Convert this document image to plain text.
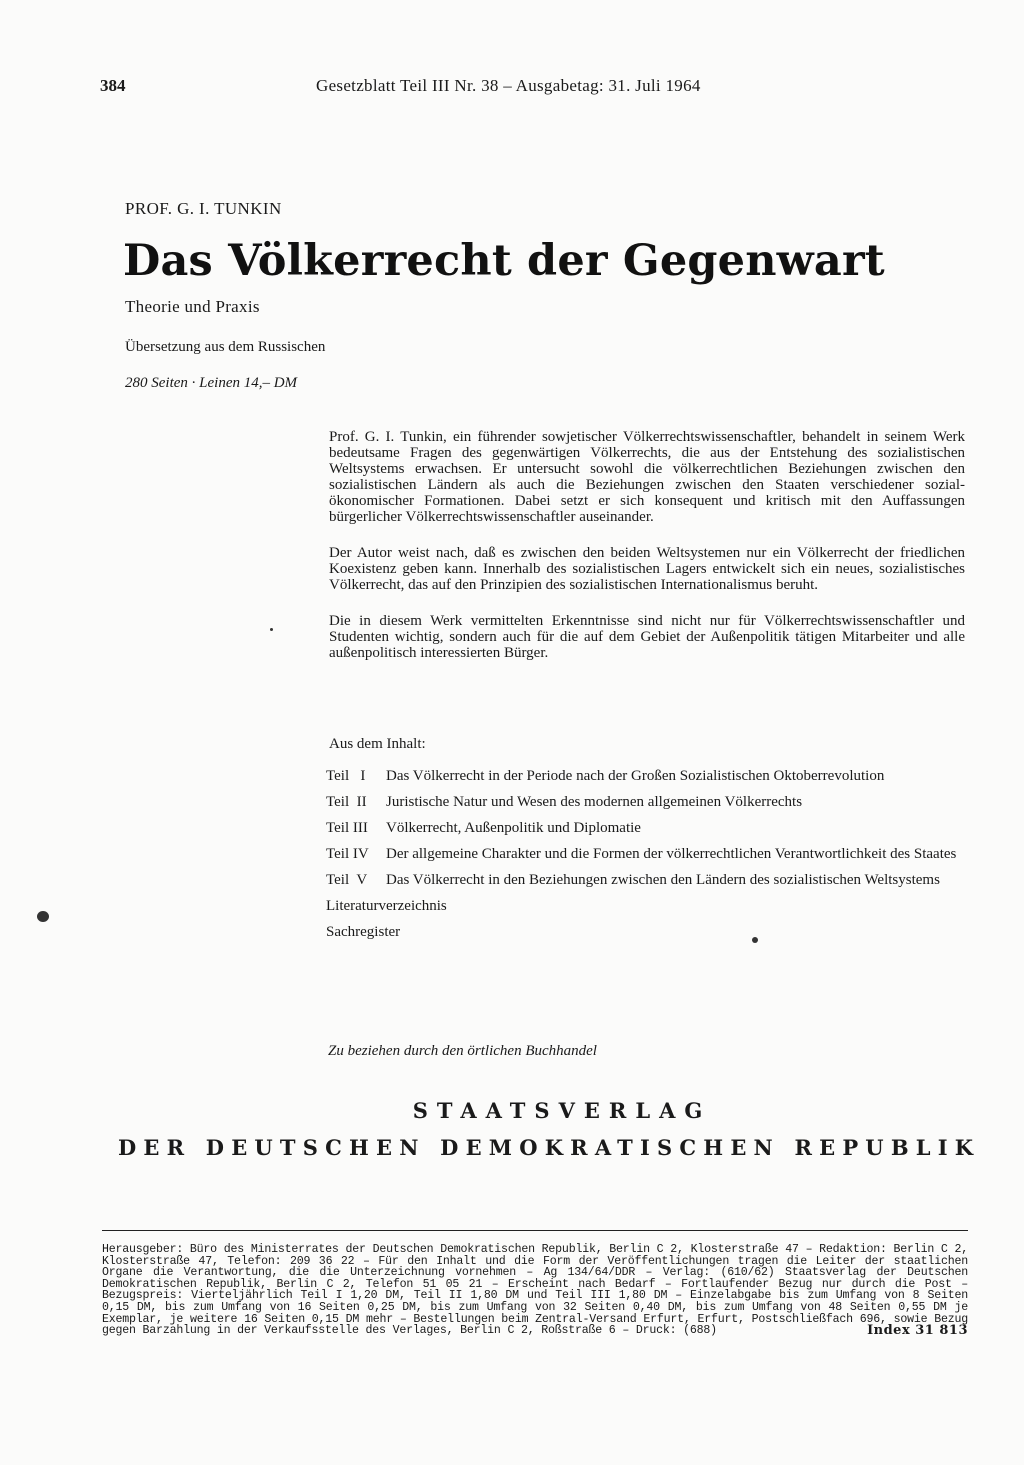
384	Gesetzblatt Teil III Nr. 38 – Ausgabetag: 31. Juli 1964
PROF. G. I. TUNKIN
Das Völkerrecht der Gegenwart
Theorie und Praxis
Übersetzung aus dem Russischen
280 Seiten · Leinen 14,– DM

Prof. G. I. Tunkin, ein führender sowjetischer Völkerrechtswissenschaftler, behandelt in seinem Werk bedeutsame Fragen des gegenwärtigen Völkerrechts, die aus der Entstehung des sozialistischen Weltsystems erwachsen. Er untersucht sowohl die völkerrechtlichen Beziehungen zwischen den sozialistischen Ländern als auch die Beziehungen zwischen den Staaten verschiedener sozial-ökonomischer Formationen. Dabei setzt er sich konsequent und kritisch mit den Auffassungen bürgerlicher Völkerrechtswissenschaftler auseinander.

Der Autor weist nach, daß es zwischen den beiden Weltsystemen nur ein Völkerrecht der friedlichen Koexistenz geben kann. Innerhalb des sozialistischen Lagers entwickelt sich ein neues, sozialistisches Völkerrecht, das auf den Prinzipien des sozialistischen Internationalismus beruht.

Die in diesem Werk vermittelten Erkenntnisse sind nicht nur für Völkerrechtswissenschaftler und Studenten wichtig, sondern auch für die auf dem Gebiet der Außenpolitik tätigen Mitarbeiter und alle außenpolitisch interessierten Bürger.

Aus dem Inhalt:
Teil   I	Das Völkerrecht in der Periode nach der Großen Sozialistischen Oktoberrevolution
Teil  II	Juristische Natur und Wesen des modernen allgemeinen Völkerrechts
Teil III	Völkerrecht, Außenpolitik und Diplomatie
Teil IV	Der allgemeine Charakter und die Formen der völkerrechtlichen Verantwortlichkeit des Staates
Teil  V	Das Völkerrecht in den Beziehungen zwischen den Ländern des sozialistischen Weltsystems
Literaturverzeichnis
Sachregister
Zu beziehen durch den örtlichen Buchhandel
STAATSVERLAG
DER DEUTSCHEN DEMOKRATISCHEN REPUBLIK
Herausgeber: Büro des Ministerrates der Deutschen Demokratischen Republik, Berlin C 2, Klosterstraße 47 – Redaktion: Berlin C 2, Klosterstraße 47, Telefon: 209 36 22 – Für den Inhalt und die Form der Veröffentlichungen tragen die Leiter der staatlichen Organe die Verantwortung, die die Unterzeichnung vornehmen – Ag 134/64/DDR – Verlag: (610/62) Staatsverlag der Deutschen Demokratischen Republik, Berlin C 2, Telefon 51 05 21 – Erscheint nach Bedarf – Fortlaufender Bezug nur durch die Post – Bezugspreis: Vierteljährlich Teil I 1,20 DM, Teil II 1,80 DM und Teil III 1,80 DM – Einzelabgabe bis zum Umfang von 8 Seiten 0,15 DM, bis zum Umfang von 16 Seiten 0,25 DM, bis zum Umfang von 32 Seiten 0,40 DM, bis zum Umfang von 48 Seiten 0,55 DM je Exemplar, je weitere 16 Seiten 0,15 DM mehr – Bestellungen beim Zentral-Versand Erfurt, Erfurt, Postschließfach 696, sowie Bezug gegen Barzahlung in der Verkaufsstelle des Verlages, Berlin C 2, Roßstraße 6 – Druck: (688)	Index 31 813
